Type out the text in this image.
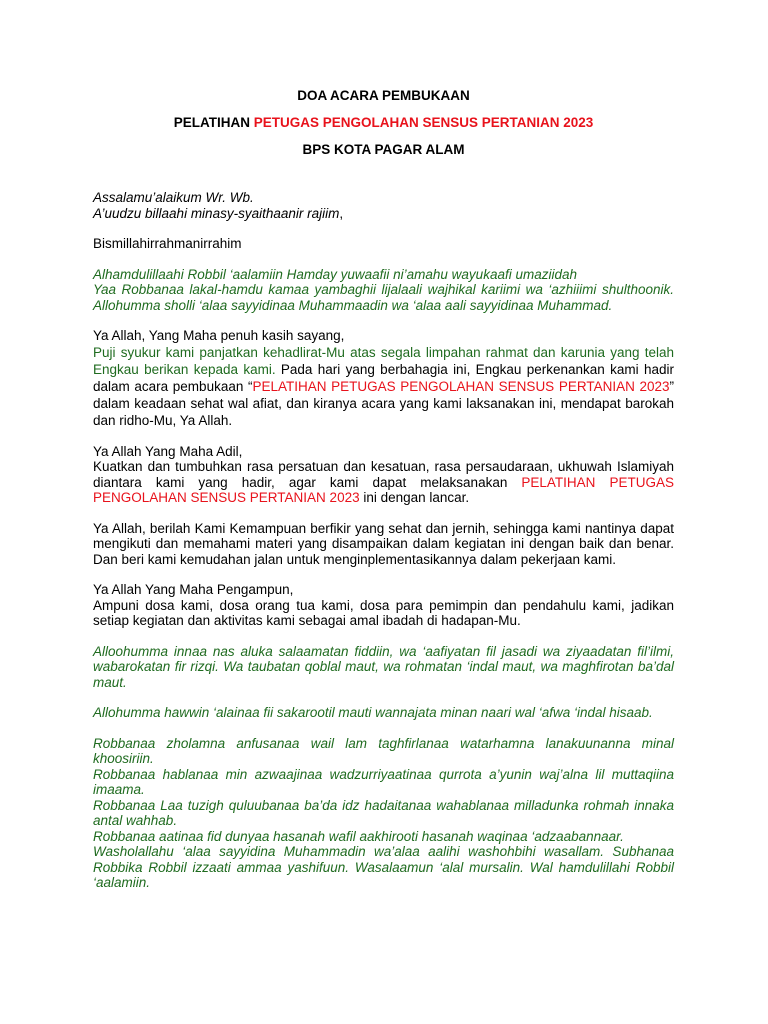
DOA ACARA PEMBUKAAN
PELATIHAN PETUGAS PENGOLAHAN SENSUS PERTANIAN 2023
BPS KOTA PAGAR ALAM

Assalamu’alaikum Wr. Wb.

A’uudzu billaahi minasy-syaithaanir rajiim,

Bismillahirrahmanirrahim

Alhamdulillaahi Robbil ‘aalamiin Hamday yuwaafii ni’amahu wayukaafi umaziidah

Yaa Robbanaa lakal-hamdu kamaa yambaghii lijalaali wajhikal kariimi wa ‘azhiiimi shulthoonik. Allohumma sholli ‘alaa sayyidinaa Muhammaadin wa ‘alaa aali sayyidinaa Muhammad.

Ya Allah, Yang Maha penuh kasih sayang,

Puji syukur kami panjatkan kehadlirat-Mu atas segala limpahan rahmat dan karunia yang telah Engkau berikan kepada kami. Pada hari yang berbahagia ini, Engkau perkenankan kami hadir dalam acara pembukaan “PELATIHAN PETUGAS PENGOLAHAN SENSUS PERTANIAN 2023” dalam keadaan sehat wal afiat, dan kiranya acara yang kami laksanakan ini, mendapat barokah dan ridho-Mu, Ya Allah.

Ya Allah Yang Maha Adil,

Kuatkan dan tumbuhkan rasa persatuan dan kesatuan, rasa persaudaraan, ukhuwah Islamiyah diantara kami yang hadir, agar kami dapat melaksanakan PELATIHAN PETUGAS PENGOLAHAN SENSUS PERTANIAN 2023 ini dengan lancar.

Ya Allah, berilah Kami Kemampuan berfikir yang sehat dan jernih, sehingga kami nantinya dapat mengikuti dan memahami materi yang disampaikan dalam kegiatan ini dengan baik dan benar. Dan beri kami kemudahan jalan untuk menginplementasikannya dalam pekerjaan kami.

Ya Allah Yang Maha Pengampun,

Ampuni dosa kami, dosa orang tua kami, dosa para pemimpin dan pendahulu kami, jadikan setiap kegiatan dan aktivitas kami sebagai amal ibadah di hadapan-Mu.

Alloohumma innaa nas aluka salaamatan fiddiin, wa ‘aafiyatan fil jasadi wa ziyaadatan fil’ilmi, wabarokatan fir rizqi. Wa taubatan qoblal maut, wa rohmatan ‘indal maut, wa maghfirotan ba’dal maut.

Allohumma hawwin ‘alainaa fii sakarootil mauti wannajata minan naari wal ‘afwa ‘indal hisaab.

Robbanaa zholamna anfusanaa wail lam taghfirlanaa watarhamna lanakuunanna minal khoosiriin.

Robbanaa hablanaa min azwaajinaa wadzurriyaatinaa qurrota a’yunin waj’alna lil muttaqiina imaama.

Robbanaa Laa tuzigh quluubanaa ba’da idz hadaitanaa wahablanaa milladunka rohmah innaka antal wahhab.

Robbanaa aatinaa fid dunyaa hasanah wafil aakhirooti hasanah waqinaa ‘adzaabannaar.

Washolallahu ‘alaa sayyidina Muhammadin wa’alaa aalihi washohbihi wasallam. Subhanaa Robbika Robbil izzaati ammaa yashifuun. Wasalaamun ‘alal mursalin. Wal hamdulillahi Robbil ‘aalamiin.
